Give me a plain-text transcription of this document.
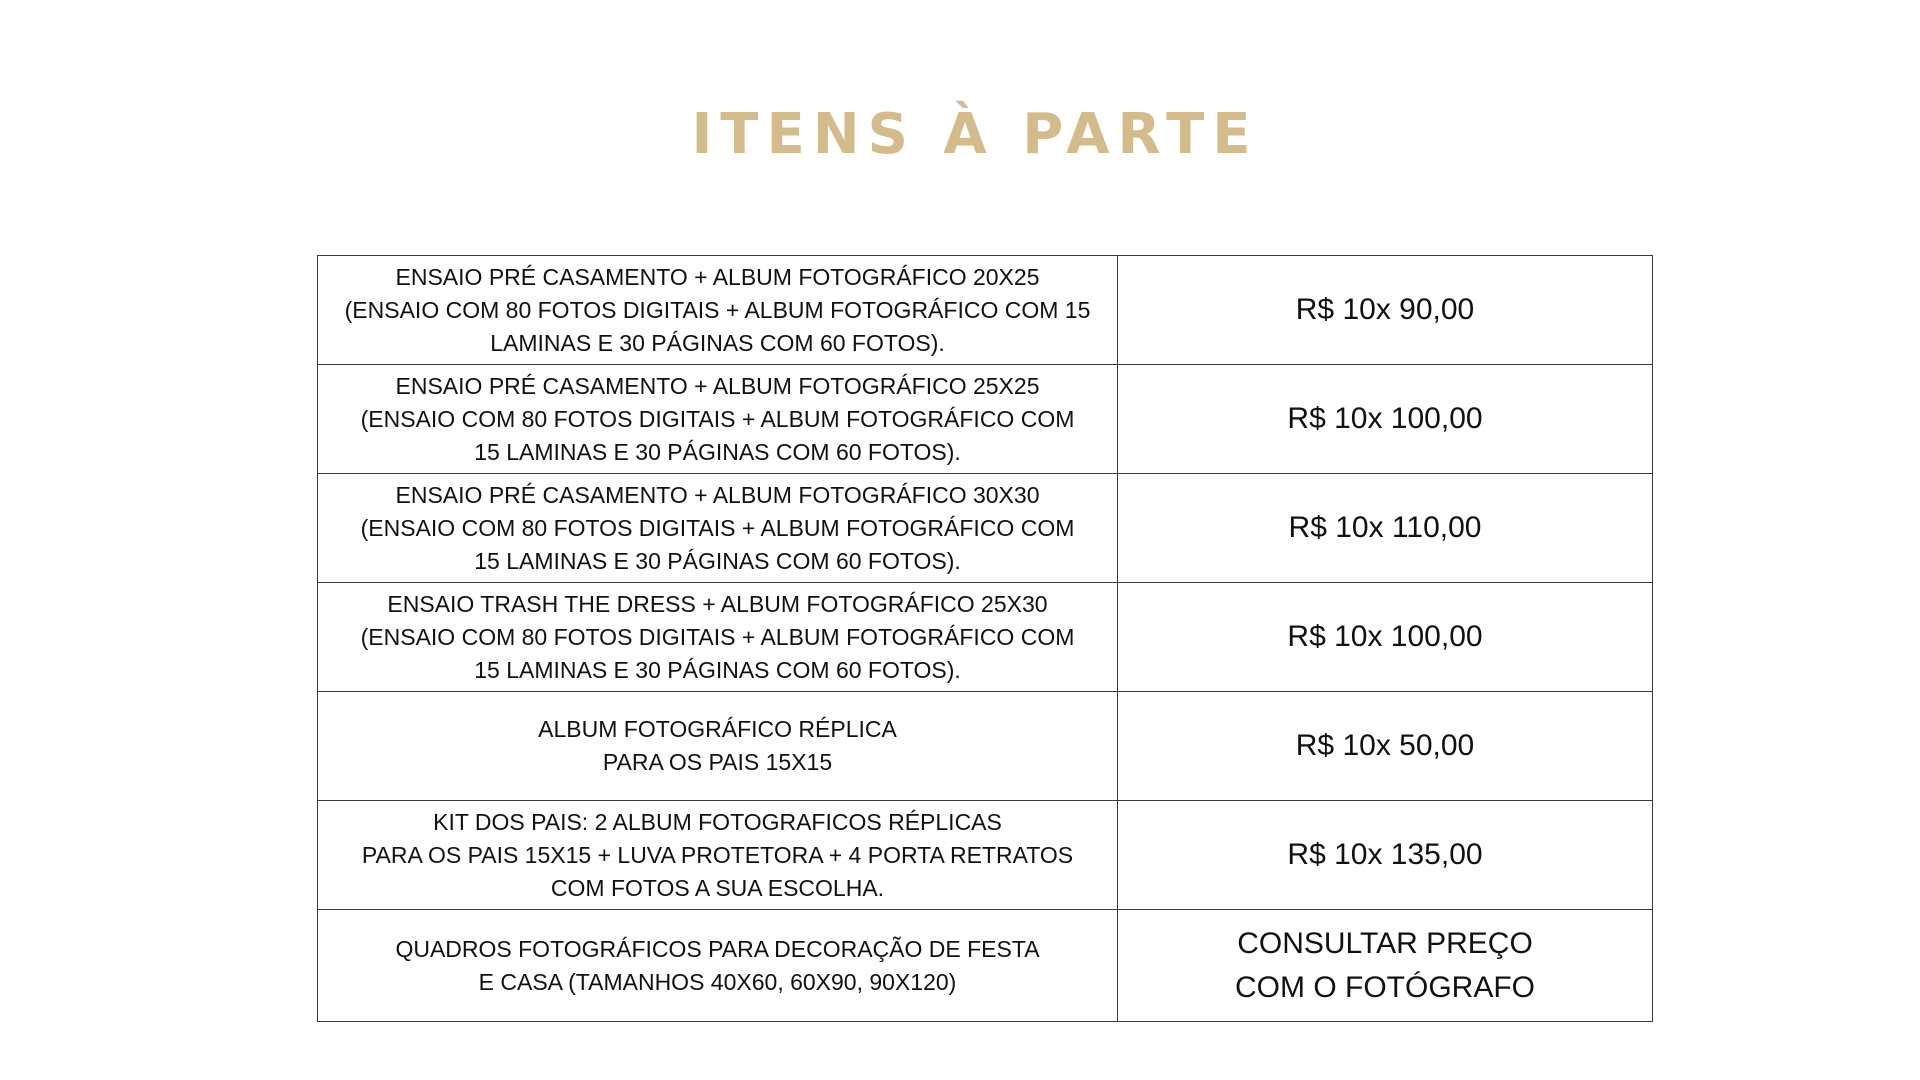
ITENS À PARTE
ENSAIO PRÉ CASAMENTO + ALBUM FOTOGRÁFICO 20X25
(ENSAIO COM 80 FOTOS DIGITAIS + ALBUM FOTOGRÁFICO COM 15
LAMINAS E 30 PÁGINAS COM 60 FOTOS).	R$ 10x 90,00

ENSAIO PRÉ CASAMENTO + ALBUM FOTOGRÁFICO 25X25
(ENSAIO COM 80 FOTOS DIGITAIS + ALBUM FOTOGRÁFICO COM
15 LAMINAS E 30 PÁGINAS COM 60 FOTOS).	R$ 10x 100,00

ENSAIO PRÉ CASAMENTO + ALBUM FOTOGRÁFICO 30X30
(ENSAIO COM 80 FOTOS DIGITAIS + ALBUM FOTOGRÁFICO COM
15 LAMINAS E 30 PÁGINAS COM 60 FOTOS).	R$ 10x 110,00

ENSAIO TRASH THE DRESS + ALBUM FOTOGRÁFICO 25X30
(ENSAIO COM 80 FOTOS DIGITAIS + ALBUM FOTOGRÁFICO COM
15 LAMINAS E 30 PÁGINAS COM 60 FOTOS).	R$ 10x 100,00

ALBUM FOTOGRÁFICO RÉPLICA
PARA OS PAIS 15X15	R$ 10x 50,00

KIT DOS PAIS: 2 ALBUM FOTOGRAFICOS RÉPLICAS
PARA OS PAIS 15X15 + LUVA PROTETORA + 4 PORTA RETRATOS
COM FOTOS A SUA ESCOLHA.	R$ 10x 135,00

QUADROS FOTOGRÁFICOS PARA DECORAÇÃO DE FESTA
E CASA (TAMANHOS 40X60, 60X90, 90X120)	CONSULTAR PREÇO
COM O FOTÓGRAFO
